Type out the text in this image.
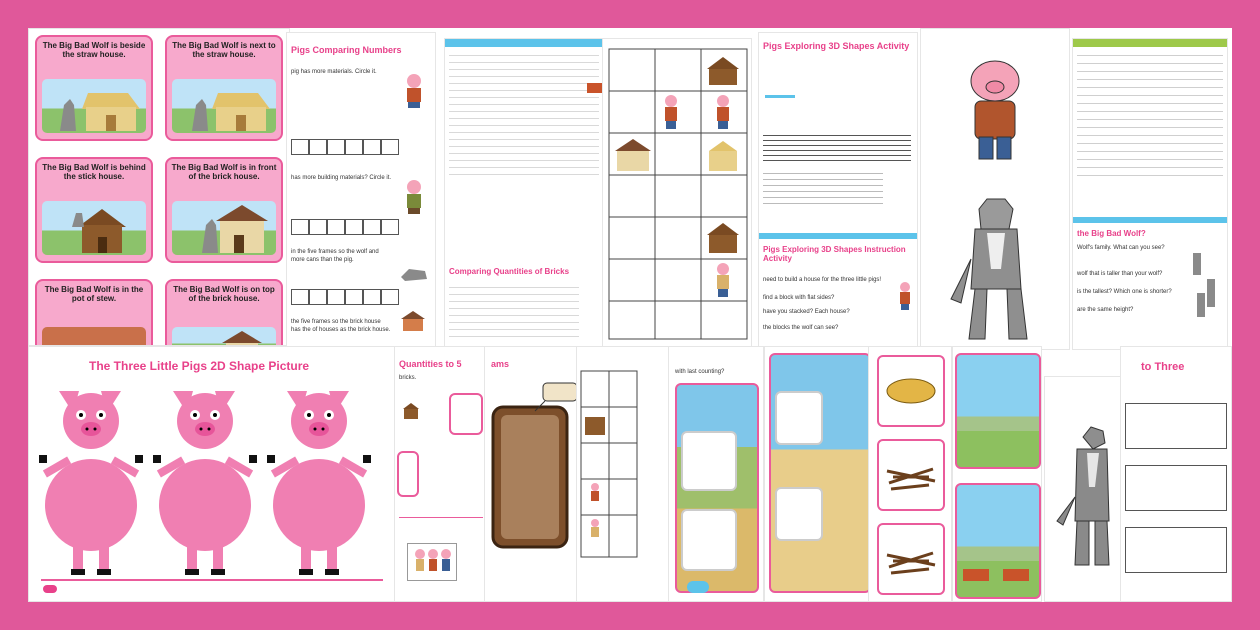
The Big Bad Wolf is beside the straw house.
The Big Bad Wolf is next to the straw house.
The Big Bad Wolf is behind the stick house.
The Big Bad Wolf is in front of the brick house.
The Big Bad Wolf is in the pot of stew.
The Big Bad Wolf is on top of the brick house.
Pigs Comparing Numbers
pig has more materials. Circle it.
has more building materials? Circle it.
in the five frames so the wolf and more cans than the pig.
the five frames so the brick house has the of houses as the brick house.
Comparing Quantities of Bricks
Pigs Exploring 3D Shapes Activity
Pigs Exploring 3D Shapes Instruction Activity
need to build a house for the three little pigs!
find a block with flat sides?
have you stacked? Each house?
the blocks the wolf can see?
the Big Bad Wolf?
Wolf's family. What can you see?
wolf that is taller than your wolf?
is the tallest? Which one is shorter?
are the same height?
The Three Little Pigs 2D Shape Picture	Quantities to 5
bricks.
ams
with last counting?	to Three
